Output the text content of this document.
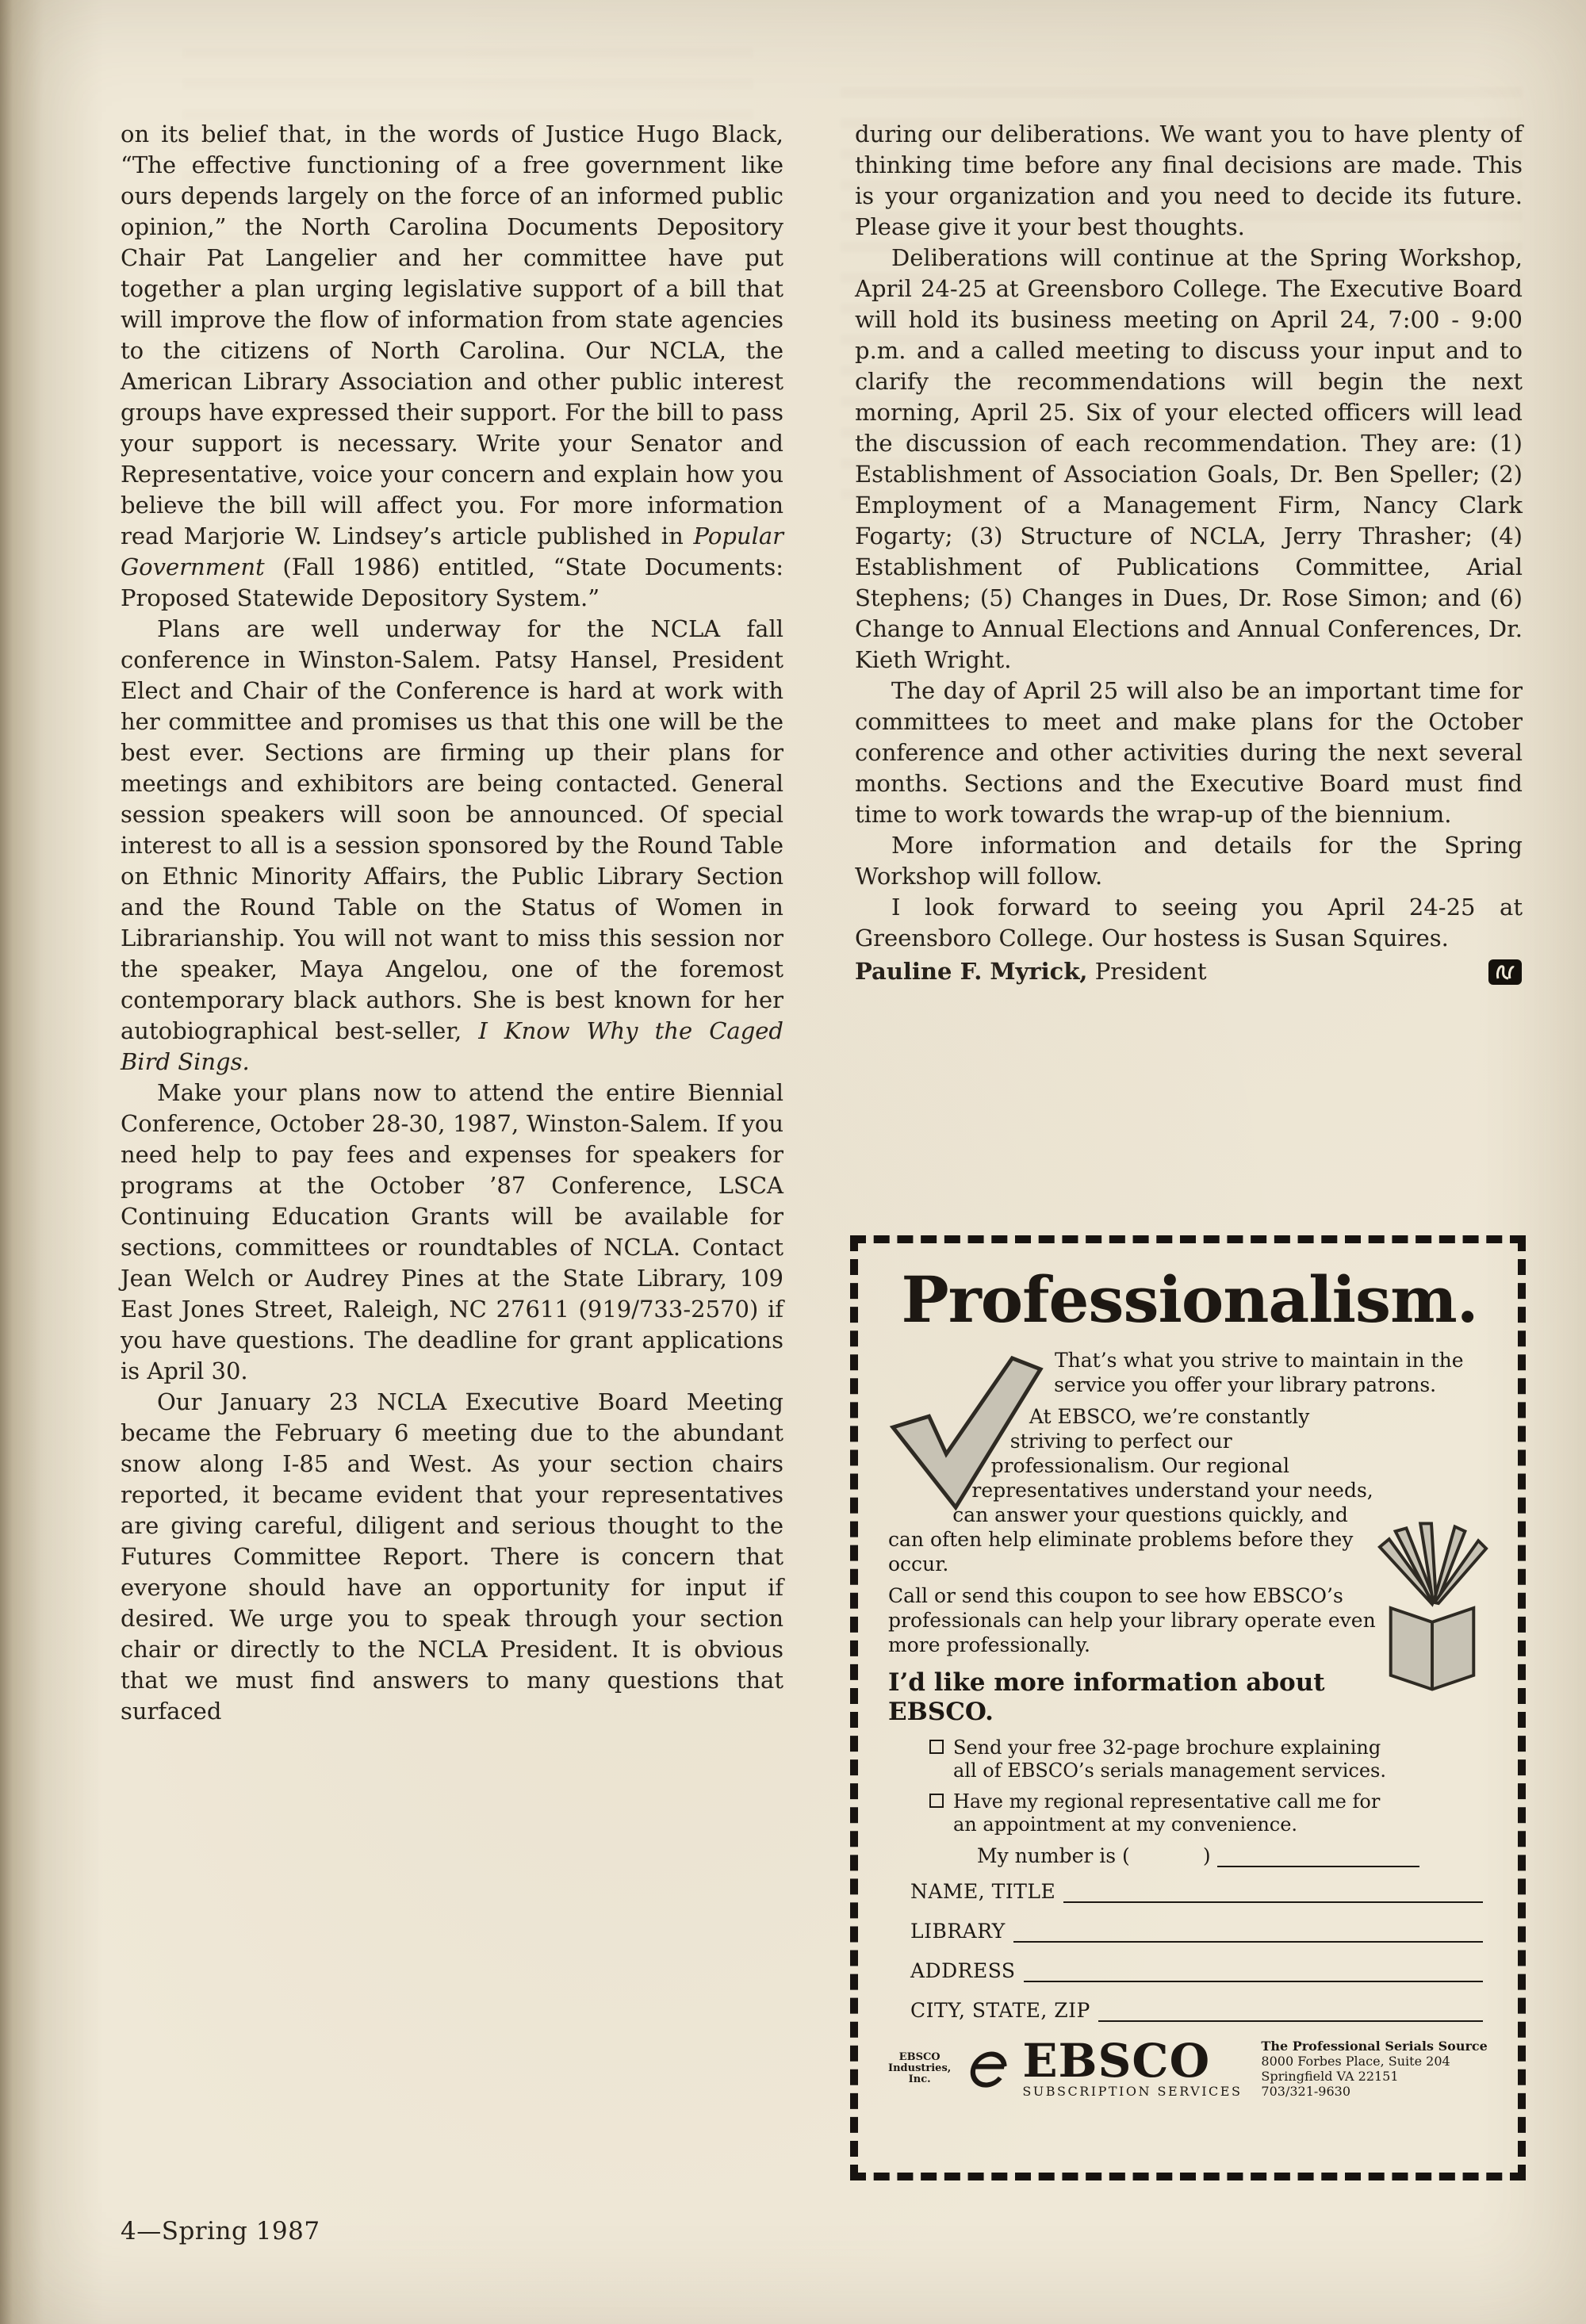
on its belief that, in the words of Justice Hugo Black, “The effective functioning of a free government like ours depends largely on the force of an informed public opinion,” the North Carolina Documents Depository Chair Pat Langelier and her committee have put together a plan urging legislative support of a bill that will improve the flow of information from state agencies to the citizens of North Carolina. Our NCLA, the American Library Association and other public interest groups have expressed their support. For the bill to pass your support is necessary. Write your Senator and Representative, voice your concern and explain how you believe the bill will affect you. For more information read Marjorie W. Lindsey’s article published in Popular Government (Fall 1986) entitled, “State Documents: Proposed Statewide Depository System.”

Plans are well underway for the NCLA fall conference in Winston-Salem. Patsy Hansel, President Elect and Chair of the Conference is hard at work with her committee and promises us that this one will be the best ever. Sections are firming up their plans for meetings and exhibitors are being contacted. General session speakers will soon be announced. Of special interest to all is a session sponsored by the Round Table on Ethnic Minority Affairs, the Public Library Section and the Round Table on the Status of Women in Librarianship. You will not want to miss this session nor the speaker, Maya Angelou, one of the foremost contemporary black authors. She is best known for her autobiographical best-seller, I Know Why the Caged Bird Sings.

Make your plans now to attend the entire Biennial Conference, October 28-30, 1987, Winston-Salem. If you need help to pay fees and expenses for speakers for programs at the October ’87 Conference, LSCA Continuing Education Grants will be available for sections, committees or roundtables of NCLA. Contact Jean Welch or Audrey Pines at the State Library, 109 East Jones Street, Raleigh, NC 27611 (919/733-2570) if you have questions. The deadline for grant applications is April 30.

Our January 23 NCLA Executive Board Meeting became the February 6 meeting due to the abundant snow along I-85 and West. As your section chairs reported, it became evident that your representatives are giving careful, diligent and serious thought to the Futures Committee Report. There is concern that everyone should have an opportunity for input if desired. We urge you to speak through your section chair or directly to the NCLA President. It is obvious that we must find answers to many questions that surfaced

during our deliberations. We want you to have plenty of thinking time before any final decisions are made. This is your organization and you need to decide its future. Please give it your best thoughts.

Deliberations will continue at the Spring Workshop, April 24-25 at Greensboro College. The Executive Board will hold its business meeting on April 24, 7:00 - 9:00 p.m. and a called meeting to discuss your input and to clarify the recommendations will begin the next morning, April 25. Six of your elected officers will lead the discussion of each recommendation. They are: (1) Establishment of Association Goals, Dr. Ben Speller; (2) Employment of a Management Firm, Nancy Clark Fogarty; (3) Structure of NCLA, Jerry Thrasher; (4) Establishment of Publications Committee, Arial Stephens; (5) Changes in Dues, Dr. Rose Simon; and (6) Change to Annual Elections and Annual Conferences, Dr. Kieth Wright.

The day of April 25 will also be an important time for committees to meet and make plans for the October conference and other activities during the next several months. Sections and the Executive Board must find time to work towards the wrap-up of the biennium.

More information and details for the Spring Workshop will follow.

I look forward to seeing you April 24-25 at Greensboro College. Our hostess is Susan Squires.

Pauline F. Myrick, President
Professionalism.

That’s what you strive to maintain in the service you offer your library patrons.

At EBSCO, we’re constantly striving to perfect our professionalism. Our regional representatives understand your needs, can answer your questions quickly, and can often help eliminate problems before they occur.

Call or send this coupon to see how EBSCO’s professionals can help your library operate even more professionally.

I’d like more information about EBSCO.
Send your free 32-page brochure explaining all of EBSCO’s serials management services.
Have my regional representative call me for an appointment at my convenience.
My number is (	)
NAME, TITLE
LIBRARY
ADDRESS
CITY, STATE, ZIP
EBSCO
Industries,
Inc.	EBSCO
SUBSCRIPTION SERVICES
The Professional Serials Source
8000 Forbes Place, Suite 204
Springfield VA 22151
703/321-9630
4—Spring 1987
